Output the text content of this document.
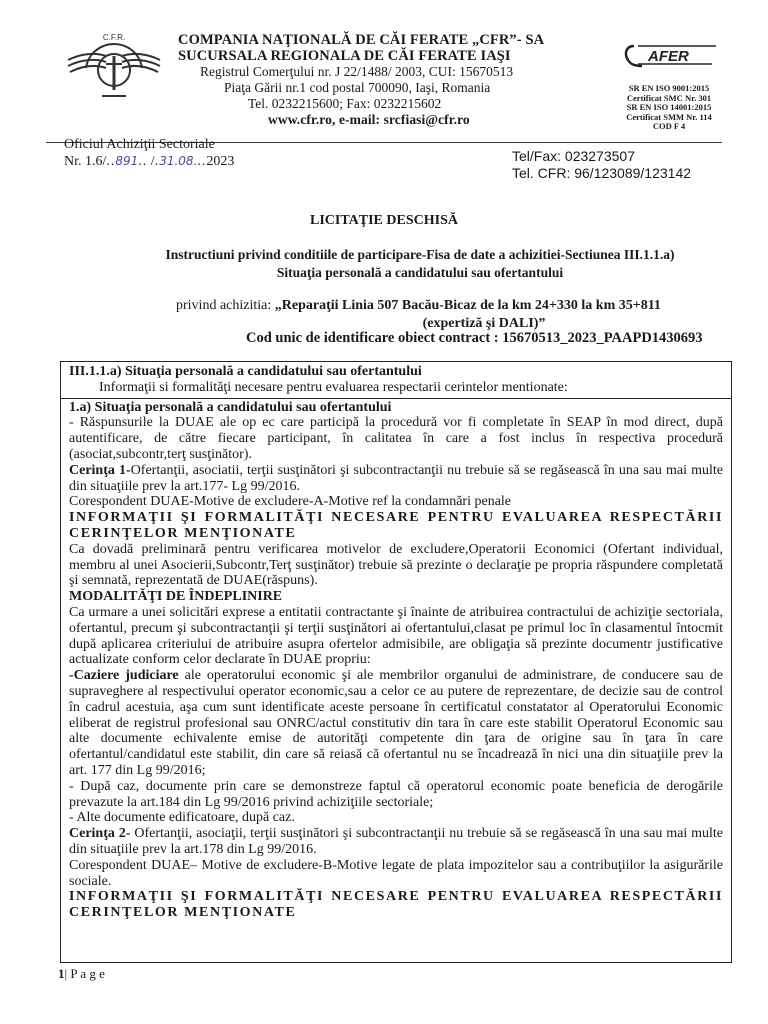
C.F.R.	COMPANIA NAŢIONALĂ DE CĂI FERATE „CFR”- SA
SUCURSALA REGIONALA DE CĂI FERATE IAŞI
Registrul Comerţului nr. J 22/1488/ 2003, CUI: 15670513
Piaţa Gării nr.1 cod postal 700090, Iaşi, Romania
Tel. 0232215600; Fax: 0232215602
www.cfr.ro, e-mail: srcfiasi@cfr.ro
AFER
SR EN ISO 9001:2015
Certificat SMC Nr. 301
SR EN ISO 14001:2015
Certificat SMM Nr. 114
COD F 4
Oficiul Achiziţii Sectoriale
Nr. 1.6/..891.. /.31.08...2023	Tel/Fax: 023273507
Tel. CFR: 96/123089/123142
LICITAŢIE DESCHISĂ
Instructiuni privind conditiile de participare-Fisa de date a achizitiei-Sectiunea III.1.1.a)
Situaţia personală a candidatului sau ofertantului
privind achizitia: „Reparaţii Linia 507 Bacău-Bicaz de la km 24+330 la km 35+811
(expertiză şi DALI)”
Cod unic de identificare obiect contract : 15670513_2023_PAAPD1430693
III.1.1.a) Situaţia personală a candidatului sau ofertantului
Informaţii si formalităţi necesare pentru evaluarea respectarii cerintelor mentionate:

1.a) Situaţia personală a candidatului sau ofertantului

- Răspunsurile la DUAE ale op ec care participă la procedură vor fi completate în SEAP în mod direct, după autentificare, de către fiecare participant, în calitatea în care a fost inclus în respectiva procedură (asociat,subcontr,terţ susţinător).

Cerinţa 1-Ofertanţii, asociatii, terţii susţinători şi subcontractanţii nu trebuie să se regăsească în una sau mai multe din situaţiile prev la art.177- Lg 99/2016.

Corespondent DUAE-Motive de excludere-A-Motive ref la condamnări penale

INFORMAŢII ŞI FORMALITĂŢI NECESARE PENTRU EVALUAREA RESPECTĂRII CERINŢELOR MENŢIONATE

Ca dovadă preliminară pentru verificarea motivelor de excludere,Operatorii Economici (Ofertant individual, membru al unei Asocierii,Subcontr,Terţ susţinător) trebuie să prezinte o declaraţie pe propria răspundere completată şi semnată, reprezentată de DUAE(răspuns).

MODALITĂŢI DE ÎNDEPLINIRE

Ca urmare a unei solicitări exprese a entitatii contractante şi înainte de atribuirea contractului de achiziţie sectoriala, ofertantul, precum şi subcontractanţii şi terţii susţinători ai ofertantului,clasat pe primul loc în clasamentul întocmit după aplicarea criteriului de atribuire asupra ofertelor admisibile, are obligaţia să prezinte documentr justificative actualizate conform celor declarate în DUAE propriu:

-Caziere judiciare ale operatorului economic şi ale membrilor organului de administrare, de conducere sau de supraveghere al respectivului operator economic,sau a celor ce au putere de reprezentare, de decizie sau de control în cadrul acestuia, aşa cum sunt identificate aceste persoane în certificatul constatator al Operatorului Economic eliberat de registrul profesional sau ONRC/actul constitutiv din tara în care este stabilit Operatorul Economic sau alte documente echivalente emise de autorităţi competente din ţara de origine sau în ţara în care ofertantul/candidatul este stabilit, din care să reiasă că ofertantul nu se încadrează în nici una din situaţiile prev la art. 177 din Lg 99/2016;

- După caz, documente prin care se demonstreze faptul că operatorul economic poate beneficia de derogările prevazute la art.184 din Lg 99/2016 privind achiziţiile sectoriale;

- Alte documente edificatoare, după caz.

Cerinţa 2- Ofertanţii, asociaţii, terţii susţinători şi subcontractanţii nu trebuie să se regăsească în una sau mai multe din situaţiile prev la art.178 din Lg 99/2016.

Corespondent DUAE– Motive de excludere-B-Motive legate de plata impozitelor sau a contribuţiilor la asigurările sociale.

INFORMAŢII ŞI FORMALITĂŢI NECESARE PENTRU EVALUAREA RESPECTĂRII CERINŢELOR MENŢIONATE

1| P a g e
